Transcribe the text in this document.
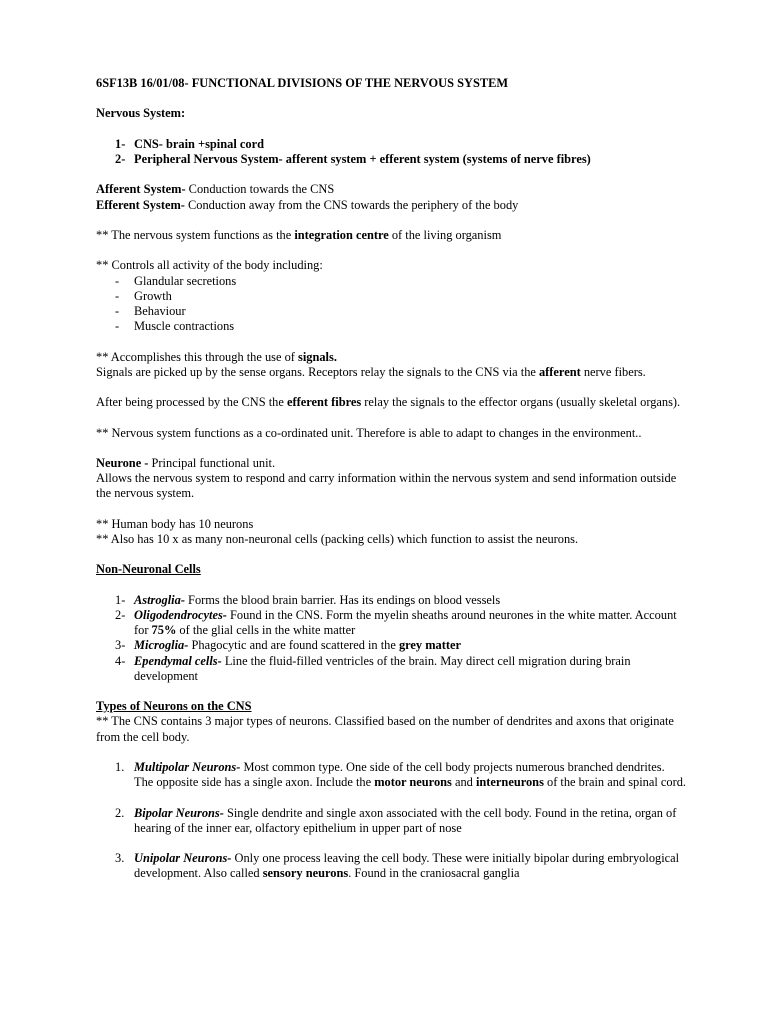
6SF13B 16/01/08- FUNCTIONAL DIVISIONS OF THE NERVOUS SYSTEM

Nervous System:

1- CNS- brain +spinal cord
2- Peripheral Nervous System- afferent system + efferent system (systems of nerve fibres)

Afferent System- Conduction towards the CNS

Efferent System- Conduction away from the CNS towards the periphery of the body

** The nervous system functions as the integration centre of the living organism

** Controls all activity of the body including:

-	Glandular secretions
-	Growth
-	Behaviour
-	Muscle contractions

** Accomplishes this through the use of signals.

Signals are picked up by the sense organs. Receptors relay the signals to the CNS via the afferent nerve fibers.

After being processed by the CNS the efferent fibres relay the signals to the effector organs (usually skeletal organs).

** Nervous system functions as a co-ordinated unit. Therefore is able to adapt to changes in the environment..

Neurone - Principal functional unit.

Allows the nervous system to respond and carry information within the nervous system and send information outside the nervous system.

** Human body has 10 neurons

** Also has 10 x as many non-neuronal cells (packing cells) which function to assist the neurons.

Non-Neuronal Cells

1- Astroglia- Forms the blood brain barrier. Has its endings on blood vessels
2- Oligodendrocytes- Found in the CNS. Form the myelin sheaths around neurones in the white matter. Account for 75% of the glial cells in the white matter
3- Microglia- Phagocytic and are found scattered in the grey matter
4- Ependymal cells- Line the fluid-filled ventricles of the brain. May direct cell migration during brain development

Types of Neurons on the CNS

** The CNS contains 3 major types of neurons. Classified based on the number of dendrites and axons that originate from the cell body.

1. Multipolar Neurons- Most common type. One side of the cell body projects numerous branched dendrites. The opposite side has a single axon. Include the motor neurons and interneurons of the brain and spinal cord.
2. Bipolar Neurons- Single dendrite and single axon associated with the cell body. Found in the retina, organ of hearing of the inner ear, olfactory epithelium in upper part of nose
3. Unipolar Neurons- Only one process leaving the cell body. These were initially bipolar during embryological development. Also called sensory neurons. Found in the craniosacral ganglia
